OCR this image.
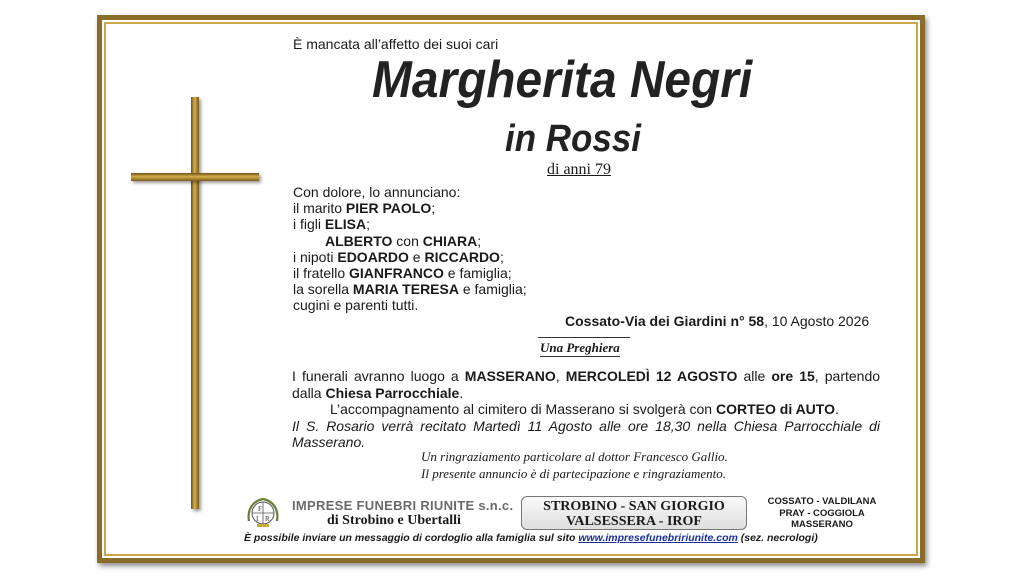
È mancata all’affetto dei suoi cari
Margherita Negri
in Rossi
di anni 79
Con dolore, lo annunciano:
il marito PIER PAOLO;
i figli ELISA;
ALBERTO con CHIARA;
i nipoti EDOARDO e RICCARDO;
il fratello GIANFRANCO e famiglia;
la sorella MARIA TERESA e famiglia;
cugini e parenti tutti.
Cossato-Via dei Giardini n° 58, 10 Agosto 2026
Una Preghiera

I funerali avranno luogo a MASSERANO, MERCOLEDÌ 12 AGOSTO alle ore 15, partendo dalla Chiesa Parrocchiale.

L’accompagnamento al cimitero di Masserano si svolgerà con CORTEO di AUTO.

Il S. Rosario verrà recitato Martedì 11 Agosto alle ore 18,30 nella Chiesa Parrocchiale di Masserano.

Un ringraziamento particolare al dottor Francesco Gallio.
Il presente annuncio è di partecipazione e ringraziamento.
F
I R
IMPRESE FUNEBRI RIUNITE s.n.c.
di Strobino e Ubertalli
STROBINO - SAN GIORGIO
VALSESSERA - IROF
COSSATO - VALDILANA
PRAY - COGGIOLA
MASSERANO
È possibile inviare un messaggio di cordoglio alla famiglia sul sito www.impresefunebririunite.com (sez. necrologi)
